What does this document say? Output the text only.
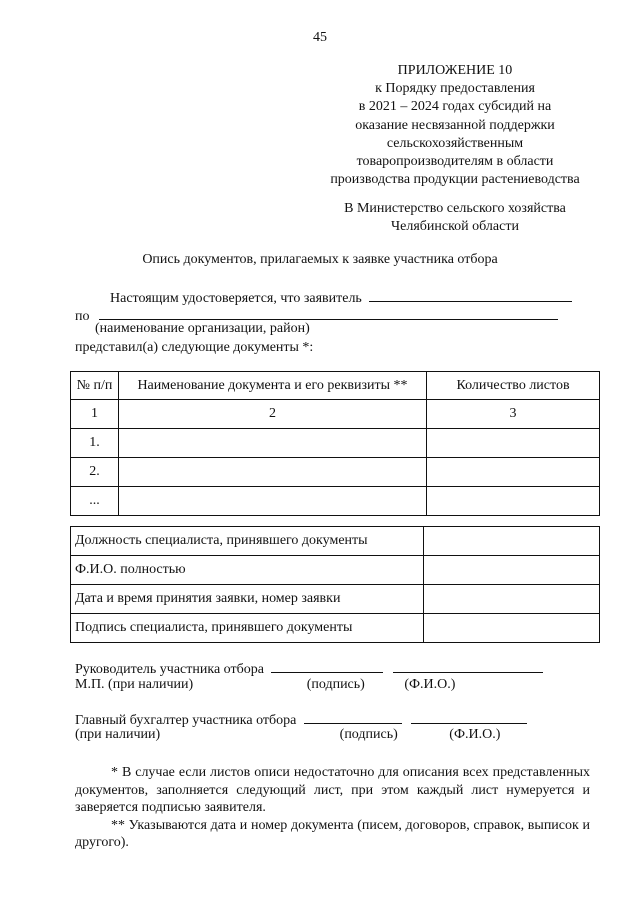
45
ПРИЛОЖЕНИЕ 10
к Порядку предоставления
в 2021 – 2024 годах субсидий на
оказание несвязанной поддержки
сельскохозяйственным
товаропроизводителям в области
производства продукции растениеводства
В Министерство сельского хозяйства
Челябинской области
Опись документов, прилагаемых к заявке участника отбора
Настоящим удостоверяется, что заявитель
по
(наименование организации, район)
представил(а) следующие документы *:
№ п/п	Наименование документа и его реквизиты **	Количество листов
1	2	3
1.		
2.		
...		
Должность специалиста, принявшего документы	
Ф.И.О. полностью	
Дата и время принятия заявки, номер заявки	
Подпись специалиста, принявшего документы	
Руководитель участника отбора
М.П. (при наличии)	(подпись)	(Ф.И.О.)
Главный бухгалтер участника отбора
(при наличии)	(подпись)	(Ф.И.О.)

* В случае если листов описи недостаточно для описания всех представленных документов, заполняется следующий лист, при этом каждый лист нумеруется и заверяется подписью заявителя.

** Указываются дата и номер документа (писем, договоров, справок, выписок и другого).
